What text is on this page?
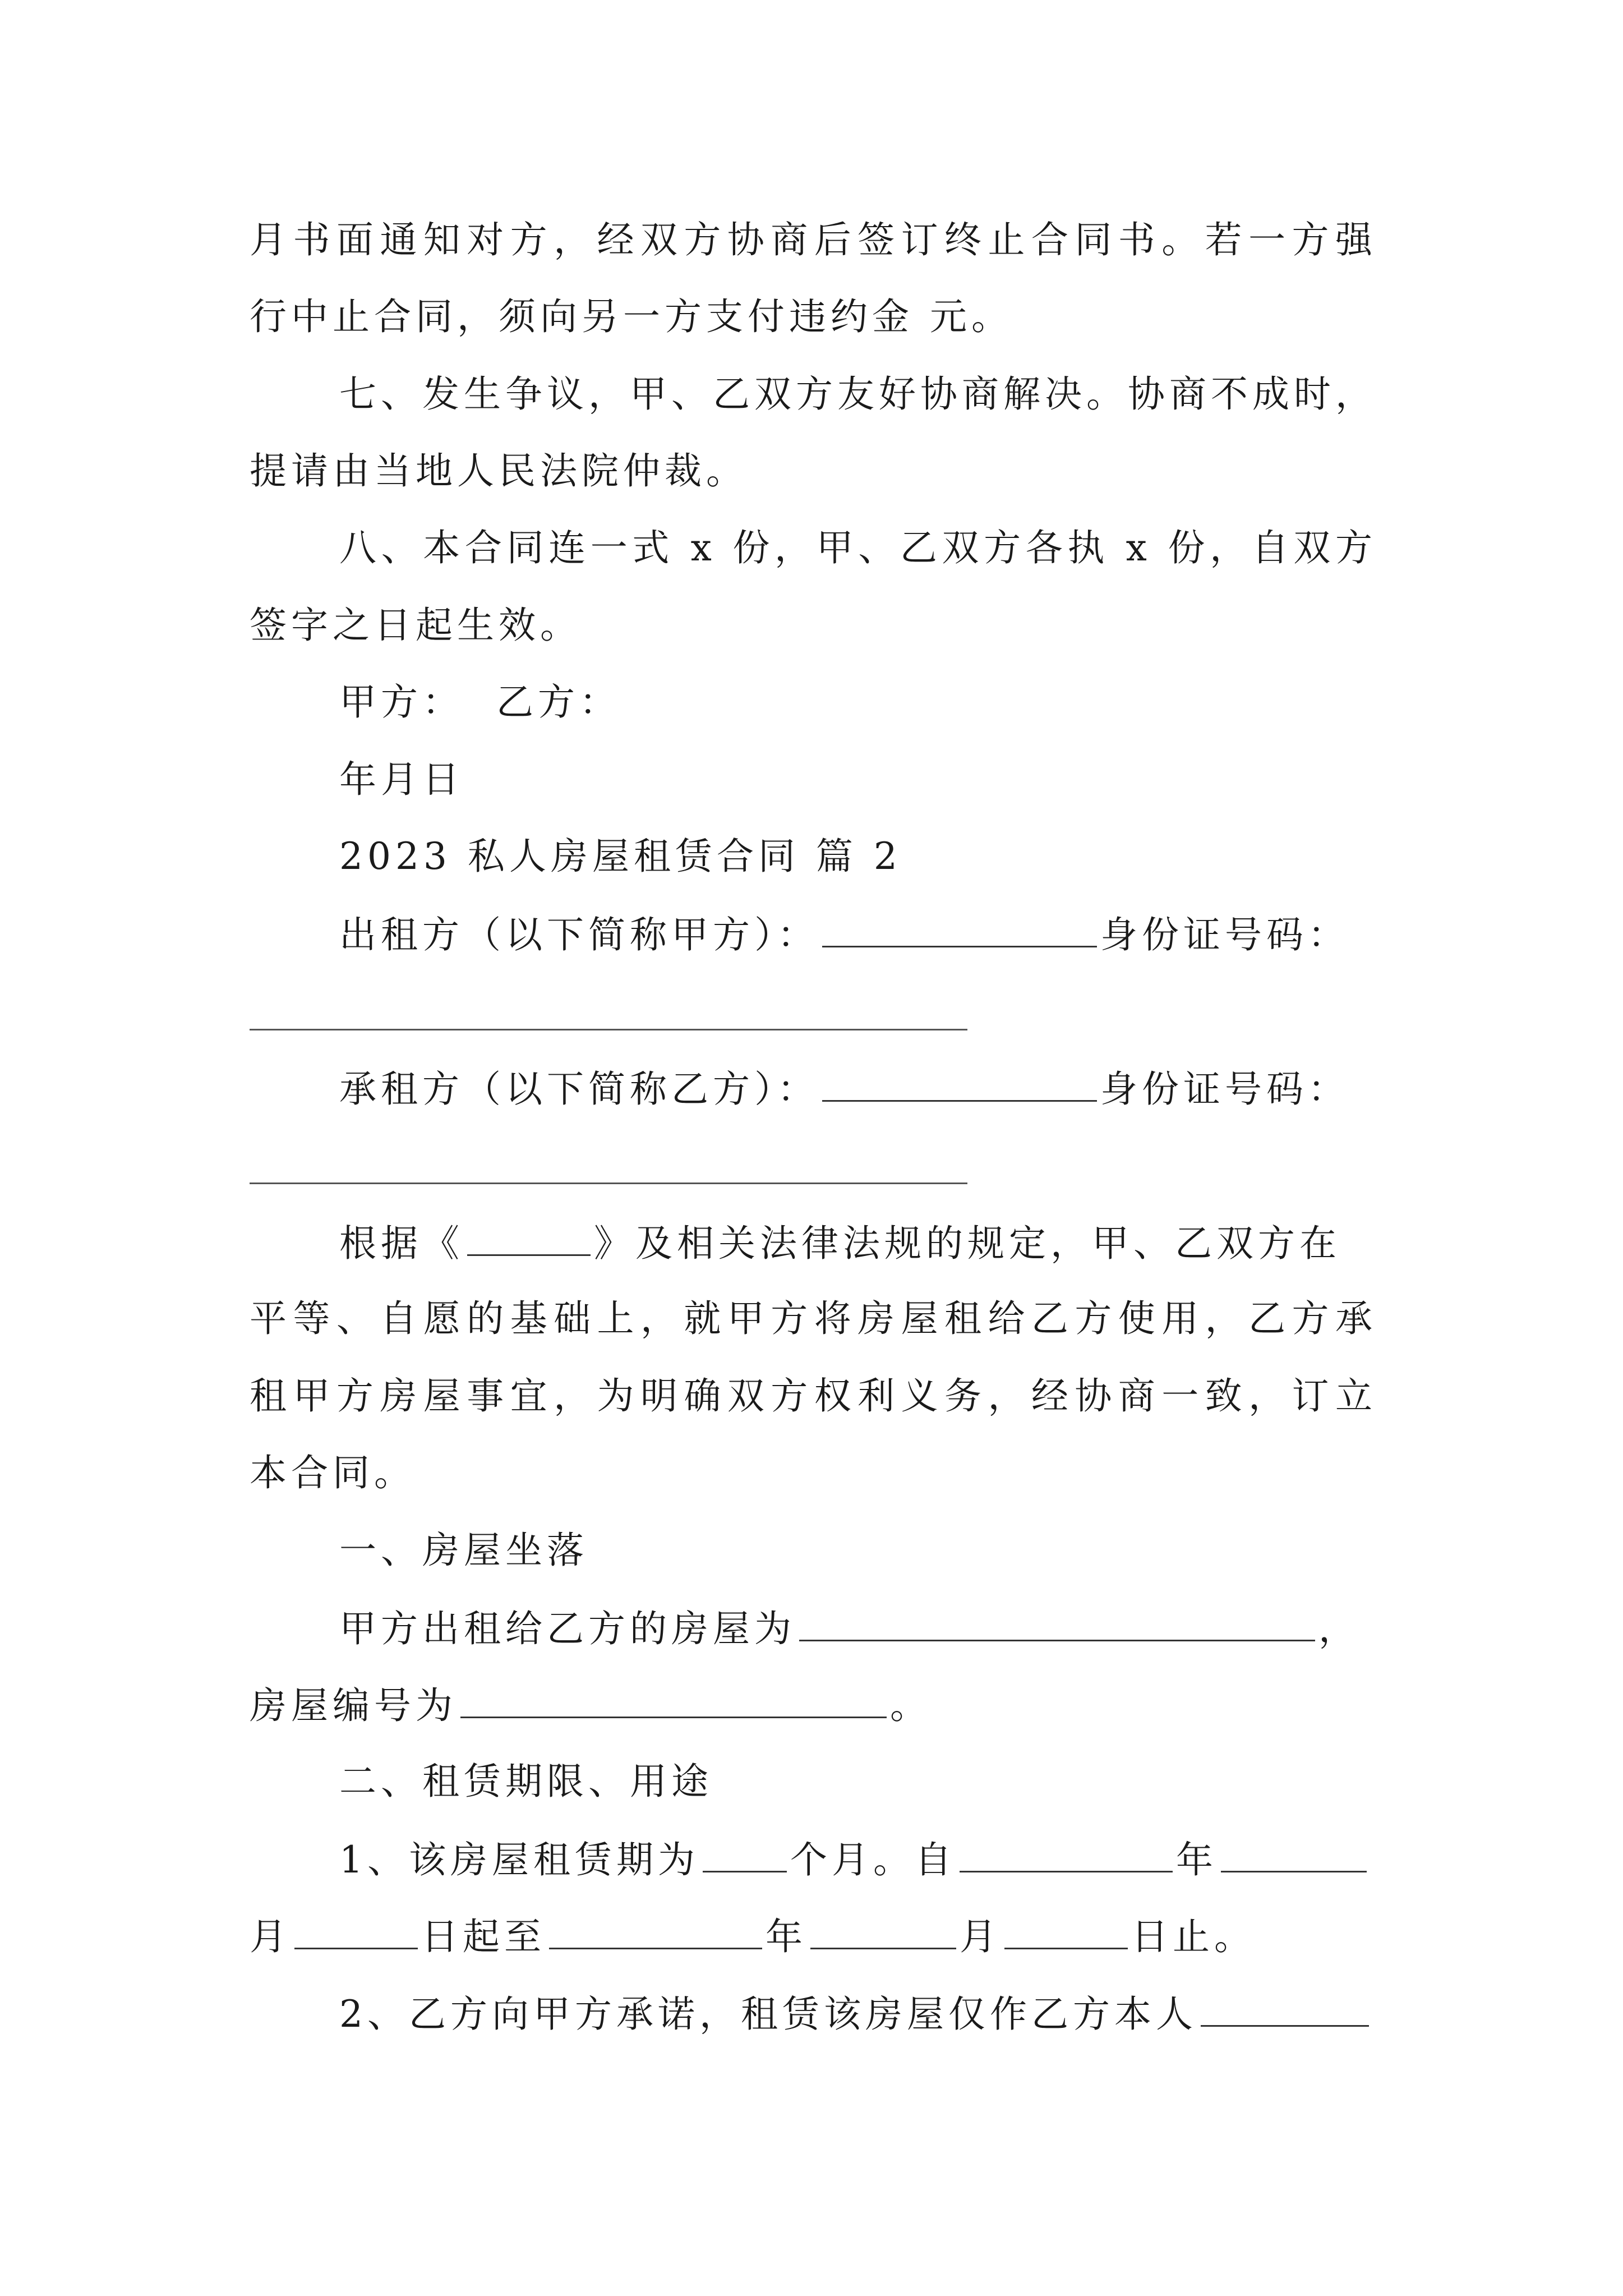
月书面通知对方，经双方协商后签订终止合同书。若一方强
行中止合同，须向另一方支付违约金 元。
七、发生争议，甲、乙双方友好协商解决。协商不成时，
提请由当地人民法院仲裁。
八、本合同连一式 x 份，甲、乙双方各执 x 份，自双方
签字之日起生效。
甲方：  乙方：
年月日
2023 私人房屋租赁合同 篇 2
出租方（以下简称甲方）：	身份证号码：
承租方（以下简称乙方）：	身份证号码：
根据《	》及相关法律法规的规定，甲、乙双方在
平等、自愿的基础上，就甲方将房屋租给乙方使用，乙方承
租甲方房屋事宜，为明确双方权利义务，经协商一致，订立
本合同。
一、房屋坐落
甲方出租给乙方的房屋为	，
房屋编号为	。
二、租赁期限、用途
1、该房屋租赁期为 个月。自	年
月	日起至	年	月	日止。
2、乙方向甲方承诺，租赁该房屋仅作乙方本人
